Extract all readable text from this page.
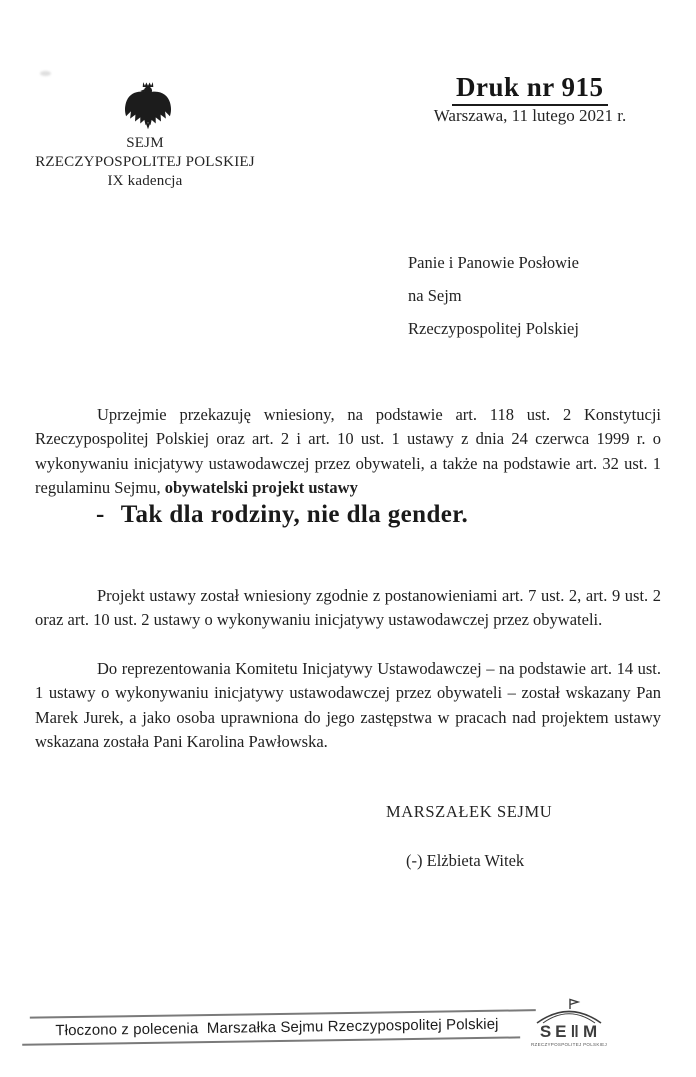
SEJM
RZECZYPOSPOLITEJ POLSKIEJ
IX kadencja
Druk nr 915
Warszawa, 11 lutego 2021 r.
Panie i Panowie Posłowie
na Sejm
Rzeczypospolitej Polskiej

Uprzejmie przekazuję wniesiony, na podstawie art. 118 ust. 2 Konstytucji Rzeczypospolitej Polskiej oraz art. 2 i art. 10 ust. 1 ustawy z dnia 24 czerwca 1999 r. o wykonywaniu inicjatywy ustawodawczej przez obywateli, a także na podstawie art. 32 ust. 1 regulaminu Sejmu, obywatelski projekt ustawy

- Tak dla rodziny, nie dla gender.

Projekt ustawy został wniesiony zgodnie z postanowieniami art. 7 ust. 2, art. 9 ust. 2 oraz art. 10 ust. 2 ustawy o wykonywaniu inicjatywy ustawodawczej przez obywateli.

Do reprezentowania Komitetu Inicjatywy Ustawodawczej – na podstawie art. 14 ust. 1 ustawy o wykonywaniu inicjatywy ustawodawczej przez obywateli – został wskazany Pan Marek Jurek, a jako osoba uprawniona do jego zastępstwa w pracach nad projektem ustawy wskazana została Pani Karolina Pawłowska.

MARSZAŁEK SEJMU
(-) Elżbieta Witek
Tłoczono z polecenia  Marszałka Sejmu Rzeczypospolitej Polskiej	SE‖M
RZECZYPOSPOLITEJ POLSKIEJ
